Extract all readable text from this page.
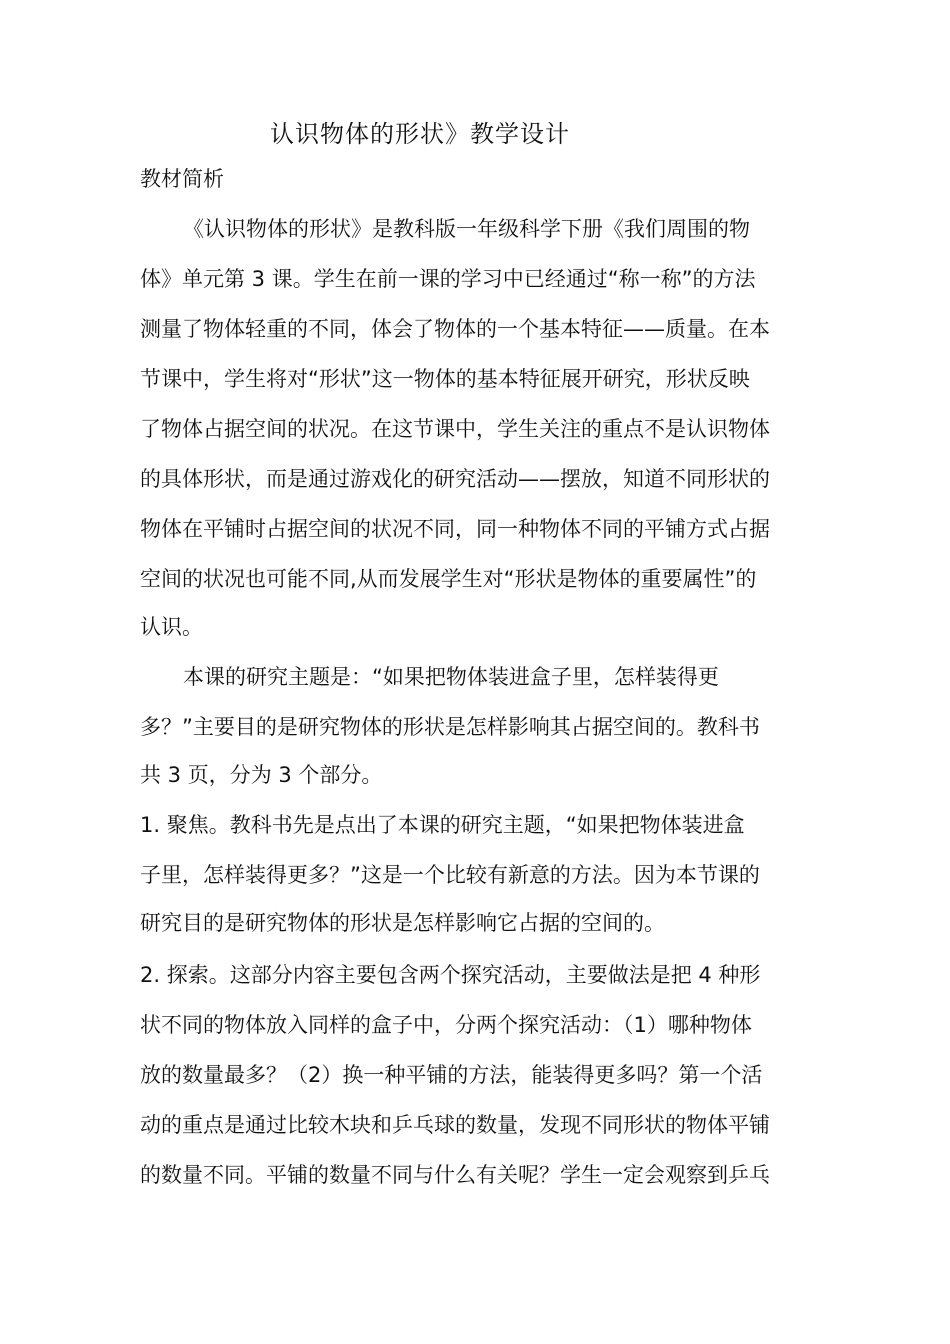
认识物体的形状》教学设计
教材简析
《认识物体的形状》是教科版一年级科学下册《我们周围的物
体》单元第 3 课。学生在前一课的学习中已经通过“称一称”的方法
测量了物体轻重的不同，体会了物体的一个基本特征——质量。在本
节课中，学生将对“形状”这一物体的基本特征展开研究，形状反映
了物体占据空间的状况。在这节课中，学生关注的重点不是认识物体
的具体形状，而是通过游戏化的研究活动——摆放，知道不同形状的
物体在平铺时占据空间的状况不同，同一种物体不同的平铺方式占据
空间的状况也可能不同,从而发展学生对“形状是物体的重要属性”的
认识。
本课的研究主题是：“如果把物体装进盒子里，怎样装得更
多？”主要目的是研究物体的形状是怎样影响其占据空间的。教科书
共 3 页，分为 3 个部分。
1. 聚焦。教科书先是点出了本课的研究主题，“如果把物体装进盒
子里，怎样装得更多？”这是一个比较有新意的方法。因为本节课的
研究目的是研究物体的形状是怎样影响它占据的空间的。
2. 探索。这部分内容主要包含两个探究活动，主要做法是把 4 种形
状不同的物体放入同样的盒子中，分两个探究活动：（1）哪种物体
放的数量最多？（2）换一种平铺的方法，能装得更多吗？第一个活
动的重点是通过比较木块和乒乓球的数量，发现不同形状的物体平铺
的数量不同。平铺的数量不同与什么有关呢？学生一定会观察到乒乓
